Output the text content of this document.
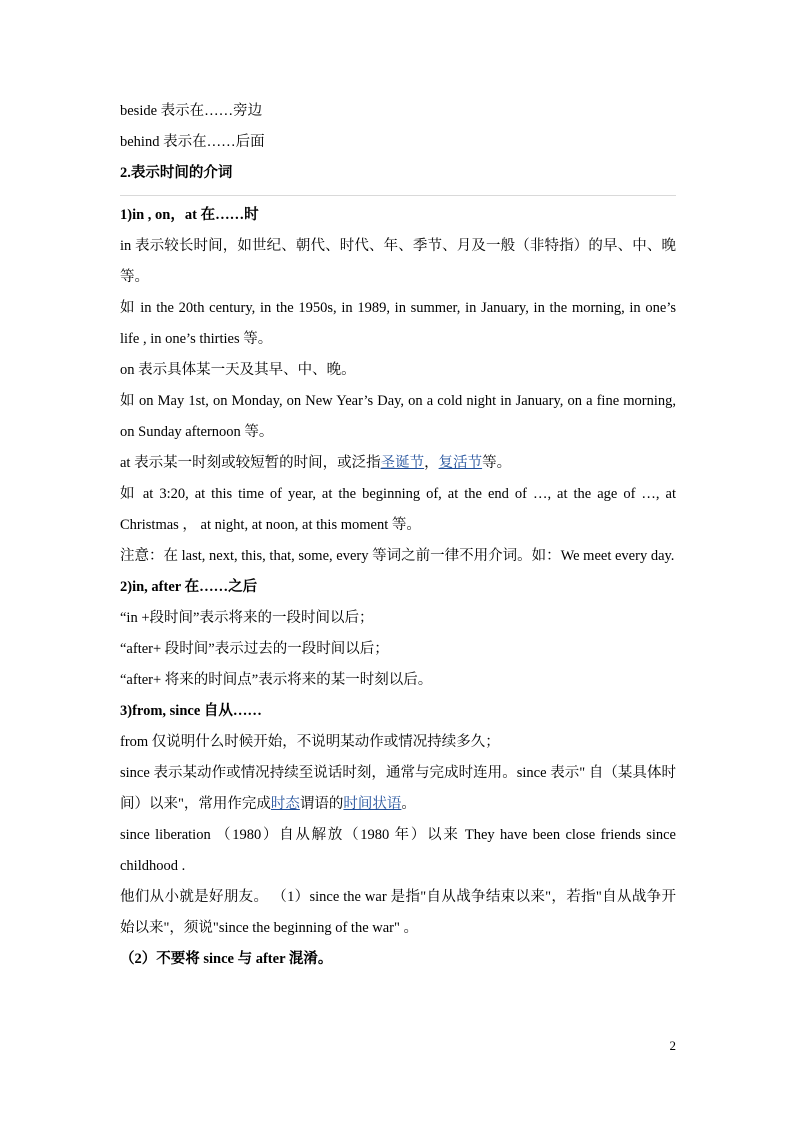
beside 表示在……旁边

behind 表示在……后面

2.表示时间的介词

1)in , on，at 在……时

in 表示较长时间，如世纪、朝代、时代、年、季节、月及一般（非特指）的早、中、晚等。

如 in the 20th century, in the 1950s, in 1989, in summer, in January, in the morning, in one’s life , in one’s thirties 等。

on 表示具体某一天及其早、中、晚。

如 on May 1st, on Monday, on New Year’s Day, on a cold night in January, on a fine morning, on Sunday afternoon 等。

at 表示某一时刻或较短暂的时间，或泛指圣诞节，复活节等。

如 at 3:20, at this time of year, at the beginning of, at the end of …, at the age of …, at Christmas ， at night, at noon, at this moment 等。

注意：在 last, next, this, that, some, every 等词之前一律不用介词。如：We meet every day.

2)in, after 在……之后

“in +段时间”表示将来的一段时间以后；

“after+ 段时间”表示过去的一段时间以后；

“after+ 将来的时间点”表示将来的某一时刻以后。

3)from, since 自从……

from 仅说明什么时候开始，不说明某动作或情况持续多久；

since 表示某动作或情况持续至说话时刻，通常与完成时连用。since 表示" 自（某具体时间）以来"，常用作完成时态谓语的时间状语。

since liberation （1980）自从解放（1980 年）以来 They have been close friends since childhood .

他们从小就是好朋友。 （1）since the war 是指"自从战争结束以来"，若指"自从战争开始以来"，须说"since the beginning of the war" 。

（2）不要将 since 与 after 混淆。

2
